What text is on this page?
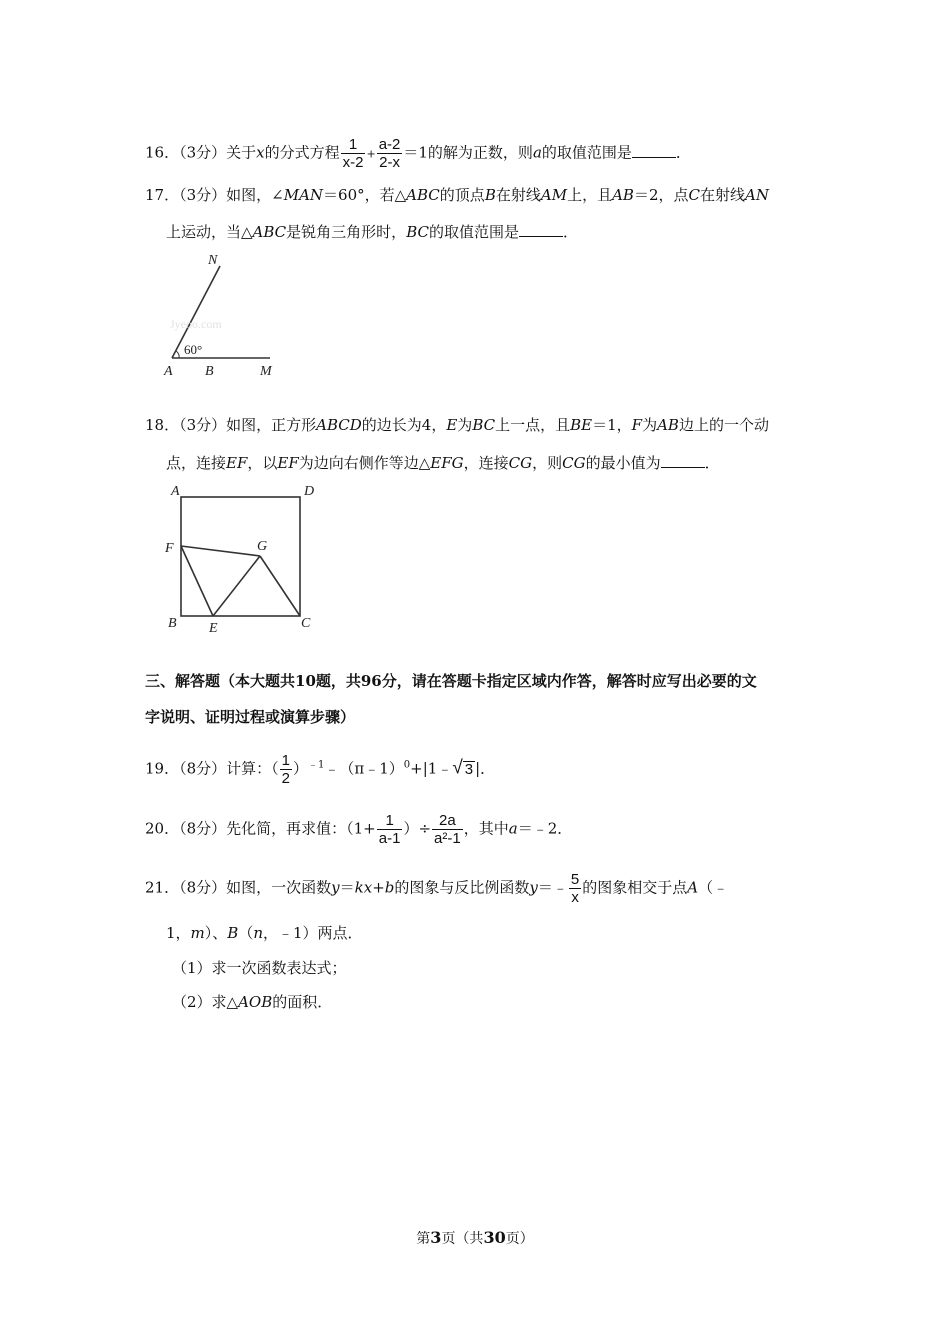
16．（3分）关于x的分式方程 $\frac{1}{x-2} + \frac{a-2}{2-x} =1$的解为正数，则a的取值范围是	．
17．（3分）如图，∠MAN＝60°，若△ABC的顶点B在射线AM上，且AB＝2，点C在射线AN
上运动，当△ABC是锐角三角形时，BC的取值范围是	．
Jyeoo.com
60°
N
A B	M
18．（3分）如图，正方形ABCD的边长为4，E为BC上一点，且BE＝1，F为AB边上的一个动
点，连接EF，以EF为边向右侧作等边△EFG，连接CG，则CG的最小值为	．
A	D
F	G
B E	C
三、解答题（本大题共10题，共96分，请在答题卡指定区域内作答，解答时应写出必要的文
字说明、证明过程或演算步骤）
19．（8分）计算：（ $\frac{1}{2}$ ）$^{﹣1}$﹣（π﹣1）$^0$+|1﹣√ 3 |．
20．（8分）先化简，再求值：（$1+ \frac{1}{a-1}$ ）÷ $\frac{2a}{\text{a²-1}}$ ，其中a＝﹣2．
21．（8分）如图，一次函数y＝kx+b的图象与反比例函数y＝﹣ $\frac{5}{x}$ 的图象相交于点A（﹣
1，m）、B（n，﹣1）两点．
（1）求一次函数表达式；
（2）求△AOB的面积．
第3页（共30页）
